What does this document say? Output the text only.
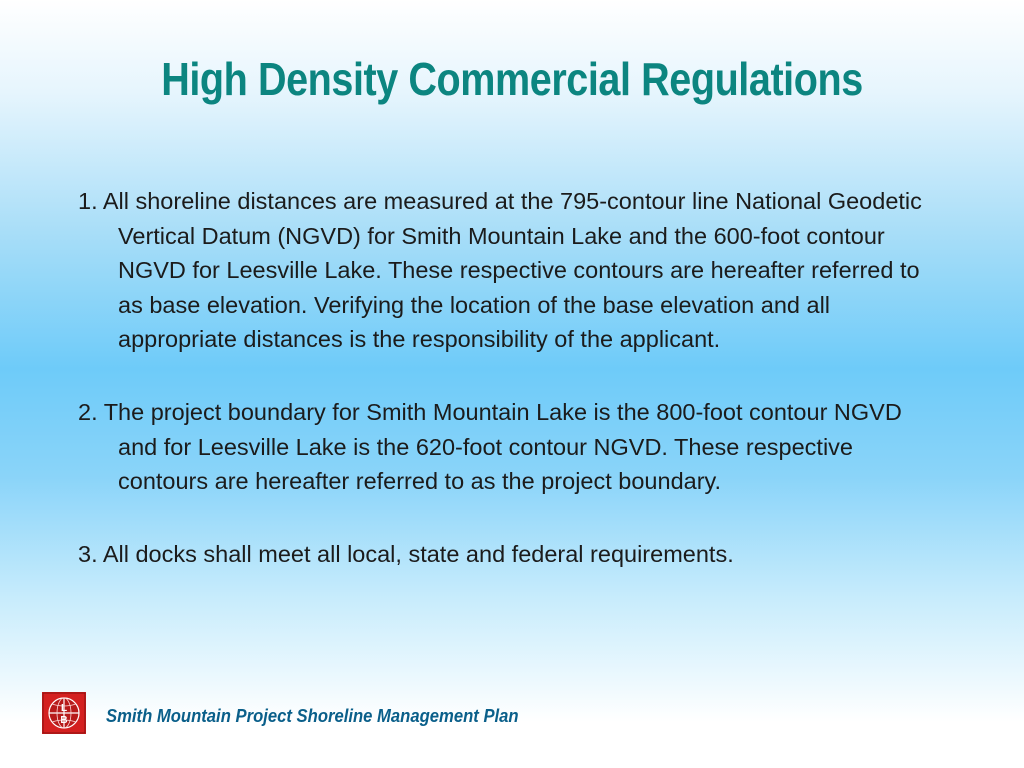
High Density Commercial Regulations

1. All shoreline distances are measured at the 795-contour line National Geodetic Vertical Datum (NGVD) for Smith Mountain Lake and the 600-foot contour NGVD for Leesville Lake. These respective contours are hereafter referred to as base elevation. Verifying the location of the base elevation and all appropriate distances is the responsibility of the applicant.

2. The project boundary for Smith Mountain Lake is the 800-foot contour NGVD and for Leesville Lake is the 620-foot contour NGVD. These respective contours are hereafter referred to as the project boundary.

3. All docks shall meet all local, state and federal requirements.

L
B Smith Mountain Project Shoreline Management Plan
